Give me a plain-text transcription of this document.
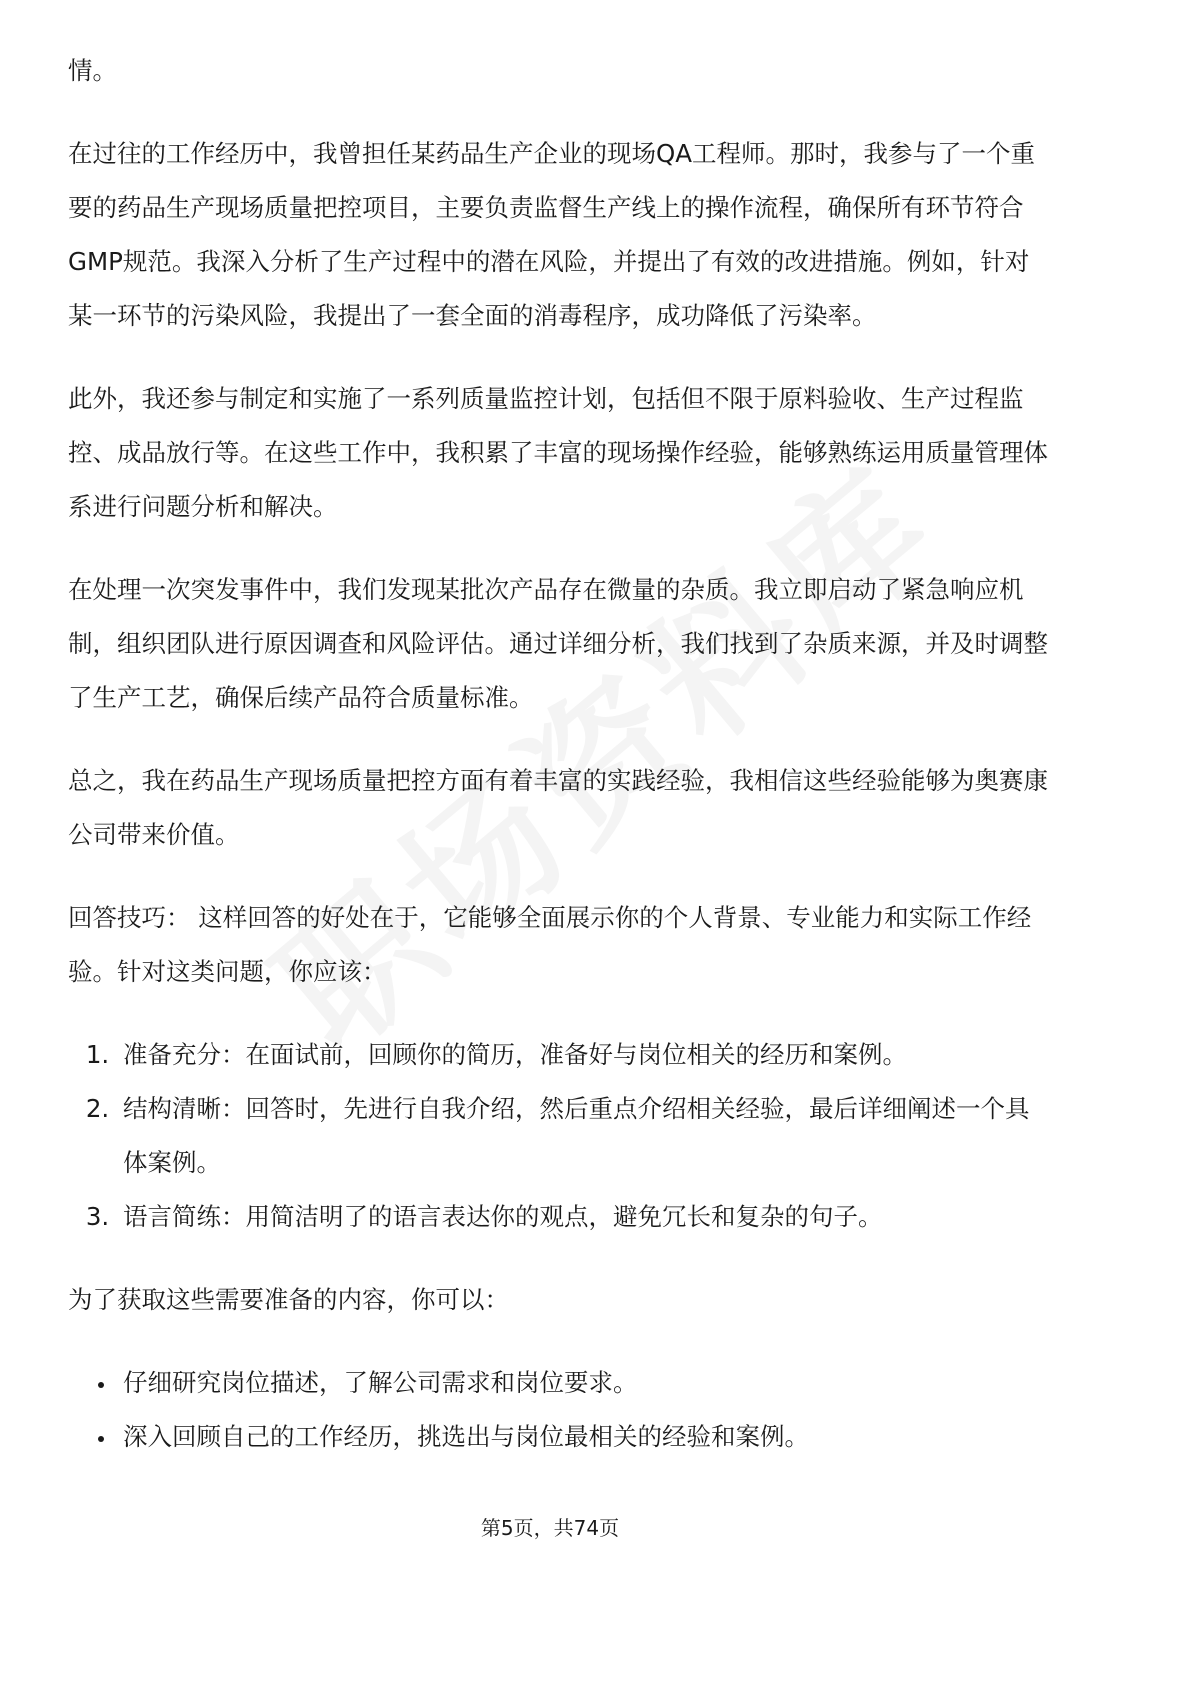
情。

在过往的工作经历中，我曾担任某药品生产企业的现场QA工程师。那时，我参与了一个重要的药品生产现场质量把控项目，主要负责监督生产线上的操作流程，确保所有环节符合GMP规范。我深入分析了生产过程中的潜在风险，并提出了有效的改进措施。例如，针对某一环节的污染风险，我提出了一套全面的消毒程序，成功降低了污染率。

此外，我还参与制定和实施了一系列质量监控计划，包括但不限于原料验收、生产过程监控、成品放行等。在这些工作中，我积累了丰富的现场操作经验，能够熟练运用质量管理体系进行问题分析和解决。

在处理一次突发事件中，我们发现某批次产品存在微量的杂质。我立即启动了紧急响应机制，组织团队进行原因调查和风险评估。通过详细分析，我们找到了杂质来源，并及时调整了生产工艺，确保后续产品符合质量标准。

总之，我在药品生产现场质量把控方面有着丰富的实践经验，我相信这些经验能够为奥赛康公司带来价值。

回答技巧： 这样回答的好处在于，它能够全面展示你的个人背景、专业能力和实际工作经验。针对这类问题，你应该：

1. 准备充分：在面试前，回顾你的简历，准备好与岗位相关的经历和案例。
2. 结构清晰：回答时，先进行自我介绍，然后重点介绍相关经验，最后详细阐述一个具体案例。
3. 语言简练：用简洁明了的语言表达你的观点，避免冗长和复杂的句子。

为了获取这些需要准备的内容，你可以：

• 仔细研究岗位描述，了解公司需求和岗位要求。
• 深入回顾自己的工作经历，挑选出与岗位最相关的经验和案例。
第5页，共74页
